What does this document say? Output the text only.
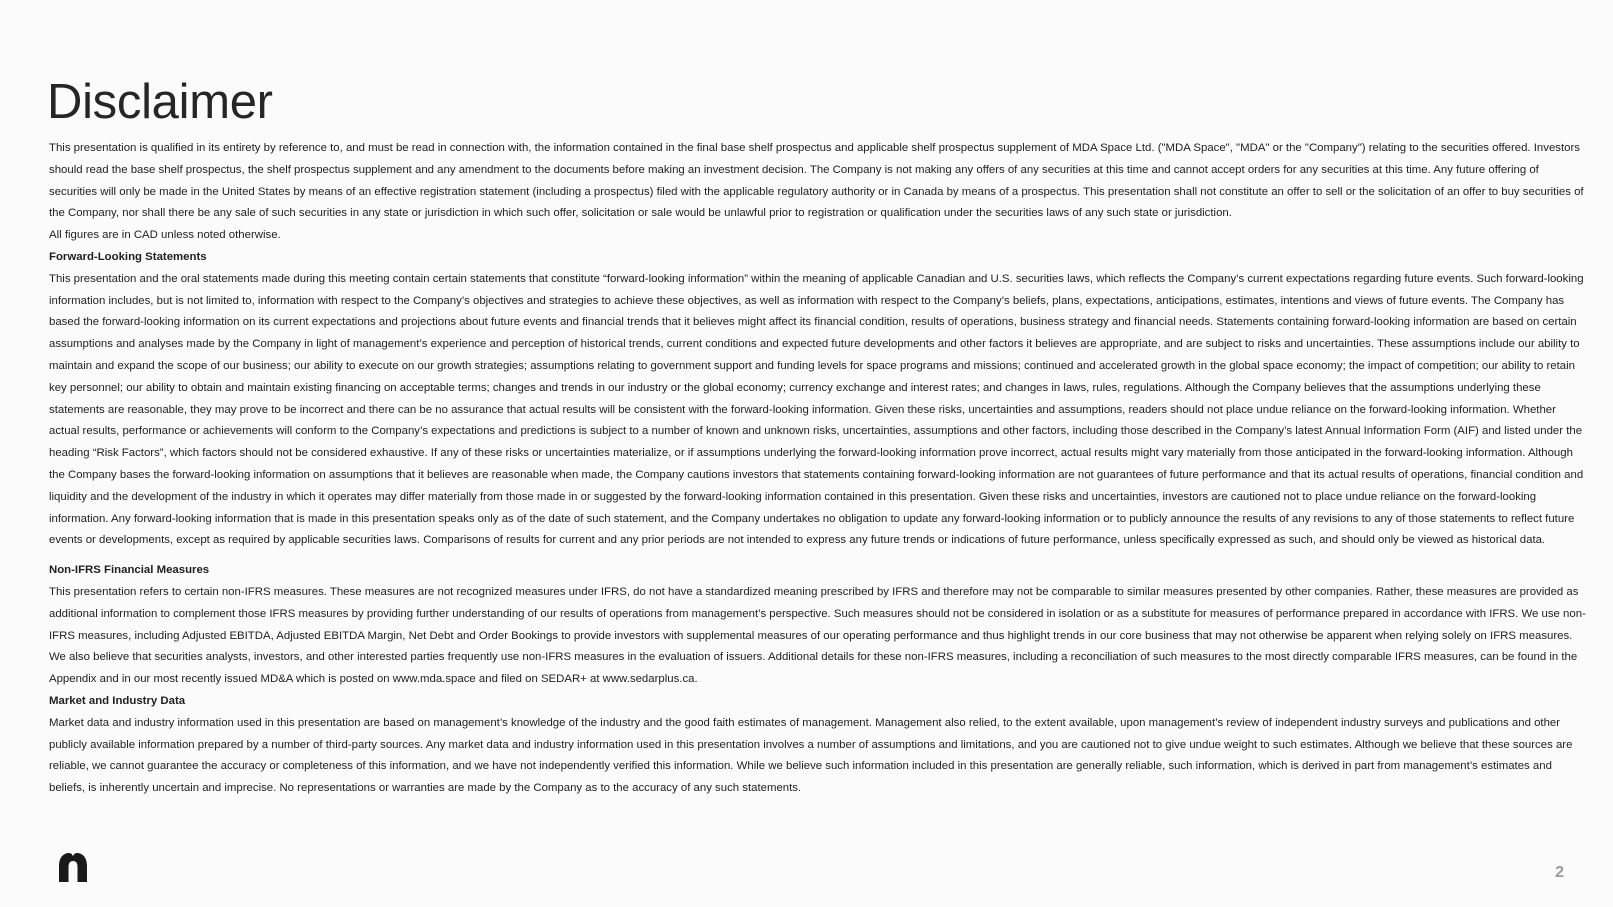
Disclaimer

This presentation is qualified in its entirety by reference to, and must be read in connection with, the information contained in the final base shelf prospectus and applicable shelf prospectus supplement of MDA Space Ltd. ("MDA Space", "MDA" or the "Company") relating to the securities offered. Investors should read the base shelf prospectus, the shelf prospectus supplement and any amendment to the documents before making an investment decision. The Company is not making any offers of any securities at this time and cannot accept orders for any securities at this time. Any future offering of securities will only be made in the United States by means of an effective registration statement (including a prospectus) filed with the applicable regulatory authority or in Canada by means of a prospectus. This presentation shall not constitute an offer to sell or the solicitation of an offer to buy securities of the Company, nor shall there be any sale of such securities in any state or jurisdiction in which such offer, solicitation or sale would be unlawful prior to registration or qualification under the securities laws of any such state or jurisdiction.

All figures are in CAD unless noted otherwise.

Forward-Looking Statements

This presentation and the oral statements made during this meeting contain certain statements that constitute “forward-looking information” within the meaning of applicable Canadian and U.S. securities laws, which reflects the Company’s current expectations regarding future events. Such forward-looking information includes, but is not limited to, information with respect to the Company’s objectives and strategies to achieve these objectives, as well as information with respect to the Company’s beliefs, plans, expectations, anticipations, estimates, intentions and views of future events. The Company has based the forward-looking information on its current expectations and projections about future events and financial trends that it believes might affect its financial condition, results of operations, business strategy and financial needs. Statements containing forward-looking information are based on certain assumptions and analyses made by the Company in light of management’s experience and perception of historical trends, current conditions and expected future developments and other factors it believes are appropriate, and are subject to risks and uncertainties. These assumptions include our ability to maintain and expand the scope of our business; our ability to execute on our growth strategies; assumptions relating to government support and funding levels for space programs and missions; continued and accelerated growth in the global space economy; the impact of competition; our ability to retain key personnel; our ability to obtain and maintain existing financing on acceptable terms; changes and trends in our industry or the global economy; currency exchange and interest rates; and changes in laws, rules, regulations. Although the Company believes that the assumptions underlying these statements are reasonable, they may prove to be incorrect and there can be no assurance that actual results will be consistent with the forward-looking information. Given these risks, uncertainties and assumptions, readers should not place undue reliance on the forward-looking information. Whether actual results, performance or achievements will conform to the Company’s expectations and predictions is subject to a number of known and unknown risks, uncertainties, assumptions and other factors, including those described in the Company’s latest Annual Information Form (AIF) and listed under the heading “Risk Factors”, which factors should not be considered exhaustive. If any of these risks or uncertainties materialize, or if assumptions underlying the forward-looking information prove incorrect, actual results might vary materially from those anticipated in the forward-looking information. Although the Company bases the forward-looking information on assumptions that it believes are reasonable when made, the Company cautions investors that statements containing forward-looking information are not guarantees of future performance and that its actual results of operations, financial condition and liquidity and the development of the industry in which it operates may differ materially from those made in or suggested by the forward-looking information contained in this presentation. Given these risks and uncertainties, investors are cautioned not to place undue reliance on the forward-looking information. Any forward-looking information that is made in this presentation speaks only as of the date of such statement, and the Company undertakes no obligation to update any forward-looking information or to publicly announce the results of any revisions to any of those statements to reflect future events or developments, except as required by applicable securities laws. Comparisons of results for current and any prior periods are not intended to express any future trends or indications of future performance, unless specifically expressed as such, and should only be viewed as historical data.

Non-IFRS Financial Measures

This presentation refers to certain non-IFRS measures. These measures are not recognized measures under IFRS, do not have a standardized meaning prescribed by IFRS and therefore may not be comparable to similar measures presented by other companies. Rather, these measures are provided as additional information to complement those IFRS measures by providing further understanding of our results of operations from management’s perspective. Such measures should not be considered in isolation or as a substitute for measures of performance prepared in accordance with IFRS. We use non-IFRS measures, including Adjusted EBITDA, Adjusted EBITDA Margin, Net Debt and Order Bookings to provide investors with supplemental measures of our operating performance and thus highlight trends in our core business that may not otherwise be apparent when relying solely on IFRS measures. We also believe that securities analysts, investors, and other interested parties frequently use non-IFRS measures in the evaluation of issuers. Additional details for these non-IFRS measures, including a reconciliation of such measures to the most directly comparable IFRS measures, can be found in the Appendix and in our most recently issued MD&A which is posted on www.mda.space and filed on SEDAR+ at www.sedarplus.ca.

Market and Industry Data

Market data and industry information used in this presentation are based on management’s knowledge of the industry and the good faith estimates of management. Management also relied, to the extent available, upon management’s review of independent industry surveys and publications and other publicly available information prepared by a number of third-party sources. Any market data and industry information used in this presentation involves a number of assumptions and limitations, and you are cautioned not to give undue weight to such estimates. Although we believe that these sources are reliable, we cannot guarantee the accuracy or completeness of this information, and we have not independently verified this information. While we believe such information included in this presentation are generally reliable, such information, which is derived in part from management’s estimates and beliefs, is inherently uncertain and imprecise. No representations or warranties are made by the Company as to the accuracy of any such statements.

2
